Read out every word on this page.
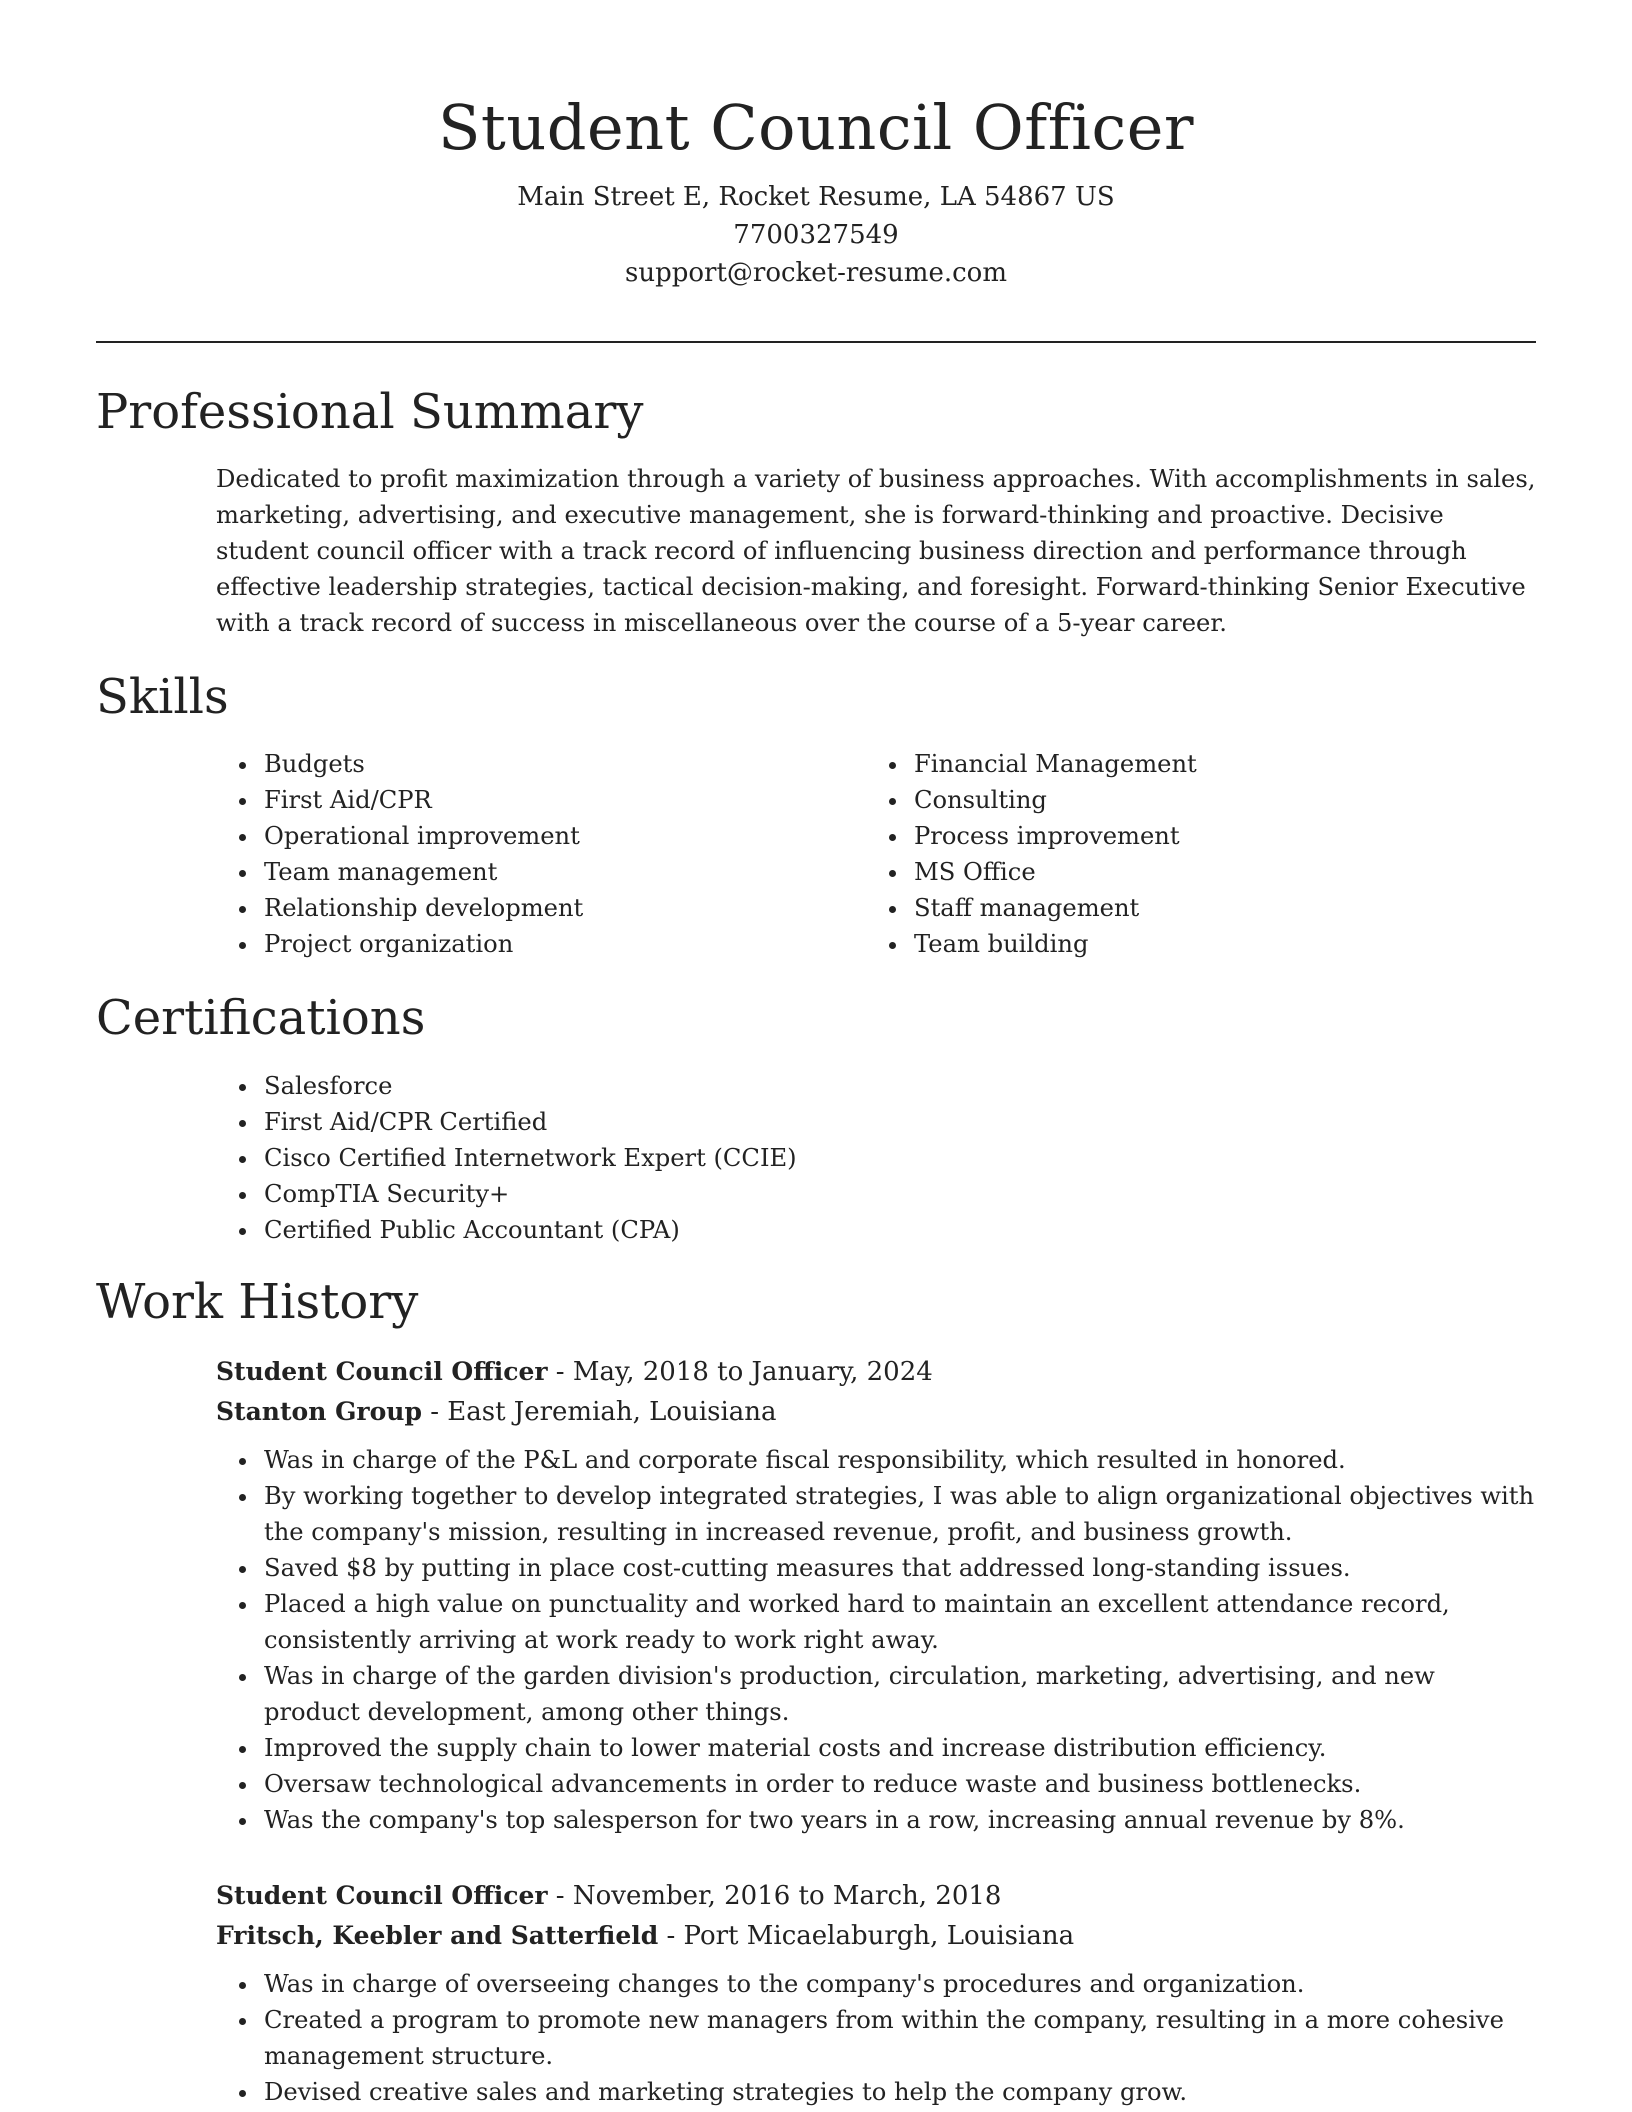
Student Council Officer
Main Street E, Rocket Resume, LA 54867 US
7700327549
support@rocket-resume.com
Professional Summary

Dedicated to profit maximization through a variety of business approaches. With accomplishments in sales, marketing, advertising, and executive management, she is forward-thinking and proactive. Decisive student council officer with a track record of influencing business direction and performance through effective leadership strategies, tactical decision-making, and foresight. Forward-thinking Senior Executive with a track record of success in miscellaneous over the course of a 5-year career.

Skills
• Budgets
• First Aid/CPR
• Operational improvement
• Team management
• Relationship development
• Project organization
• Financial Management
• Consulting
• Process improvement
• MS Office
• Staff management
• Team building
Certifications
• Salesforce
• First Aid/CPR Certified
• Cisco Certified Internetwork Expert (CCIE)
• CompTIA Security+
• Certified Public Accountant (CPA)
Work History
Student Council Officer - May, 2018 to January, 2024
Stanton Group - East Jeremiah, Louisiana
• Was in charge of the P&L and corporate fiscal responsibility, which resulted in honored.
• By working together to develop integrated strategies, I was able to align organizational objectives with the company's mission, resulting in increased revenue, profit, and business growth.
• Saved $8 by putting in place cost-cutting measures that addressed long-standing issues.
• Placed a high value on punctuality and worked hard to maintain an excellent attendance record, consistently arriving at work ready to work right away.
• Was in charge of the garden division's production, circulation, marketing, advertising, and new product development, among other things.
• Improved the supply chain to lower material costs and increase distribution efficiency.
• Oversaw technological advancements in order to reduce waste and business bottlenecks.
• Was the company's top salesperson for two years in a row, increasing annual revenue by 8%.
Student Council Officer - November, 2016 to March, 2018
Fritsch, Keebler and Satterfield - Port Micaelaburgh, Louisiana
• Was in charge of overseeing changes to the company's procedures and organization.
• Created a program to promote new managers from within the company, resulting in a more cohesive management structure.
• Devised creative sales and marketing strategies to help the company grow.
